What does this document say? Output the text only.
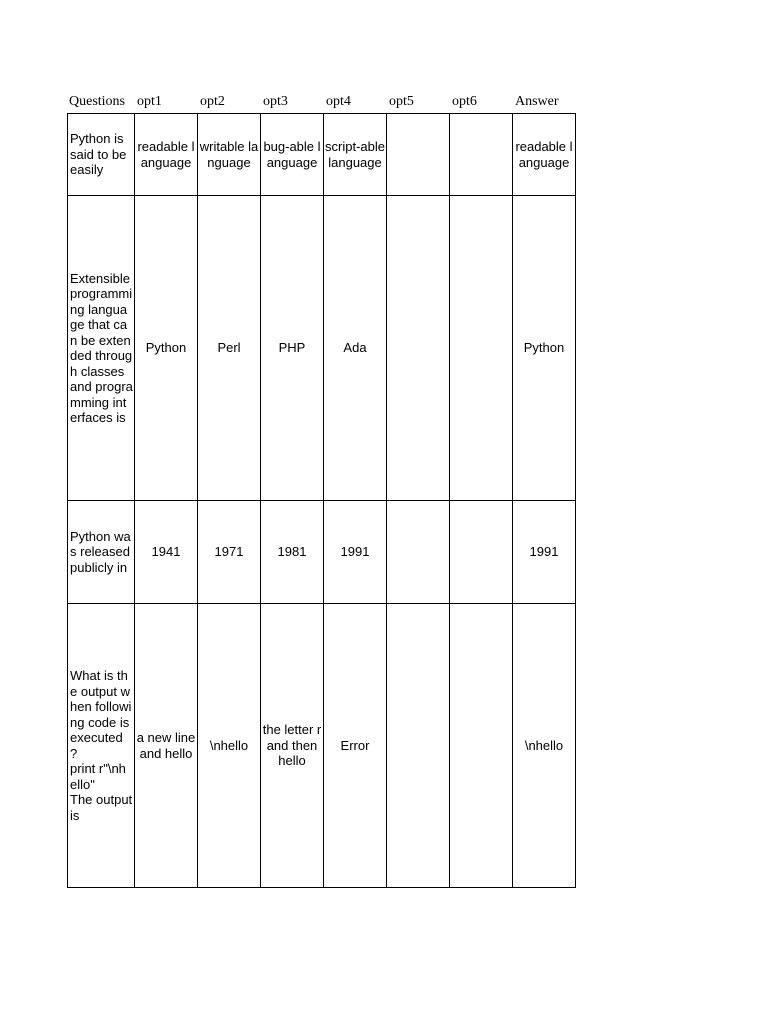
Questions opt1	opt2	opt3	opt4	opt5	opt6	Answer
Python is said to be easily	readable language	writable language	bug-able language	script-able language			readable language
Extensible programming language that can be extended through classes and programming interfaces is	Python	Perl	PHP	Ada			Python
Python was released publicly in	1941	1971	1981	1991			1991
What is the output when following code is executed ?
print r"\nhello"
The output is	a new line and hello	\nhello	the letter r and then hello	Error			\nhello
